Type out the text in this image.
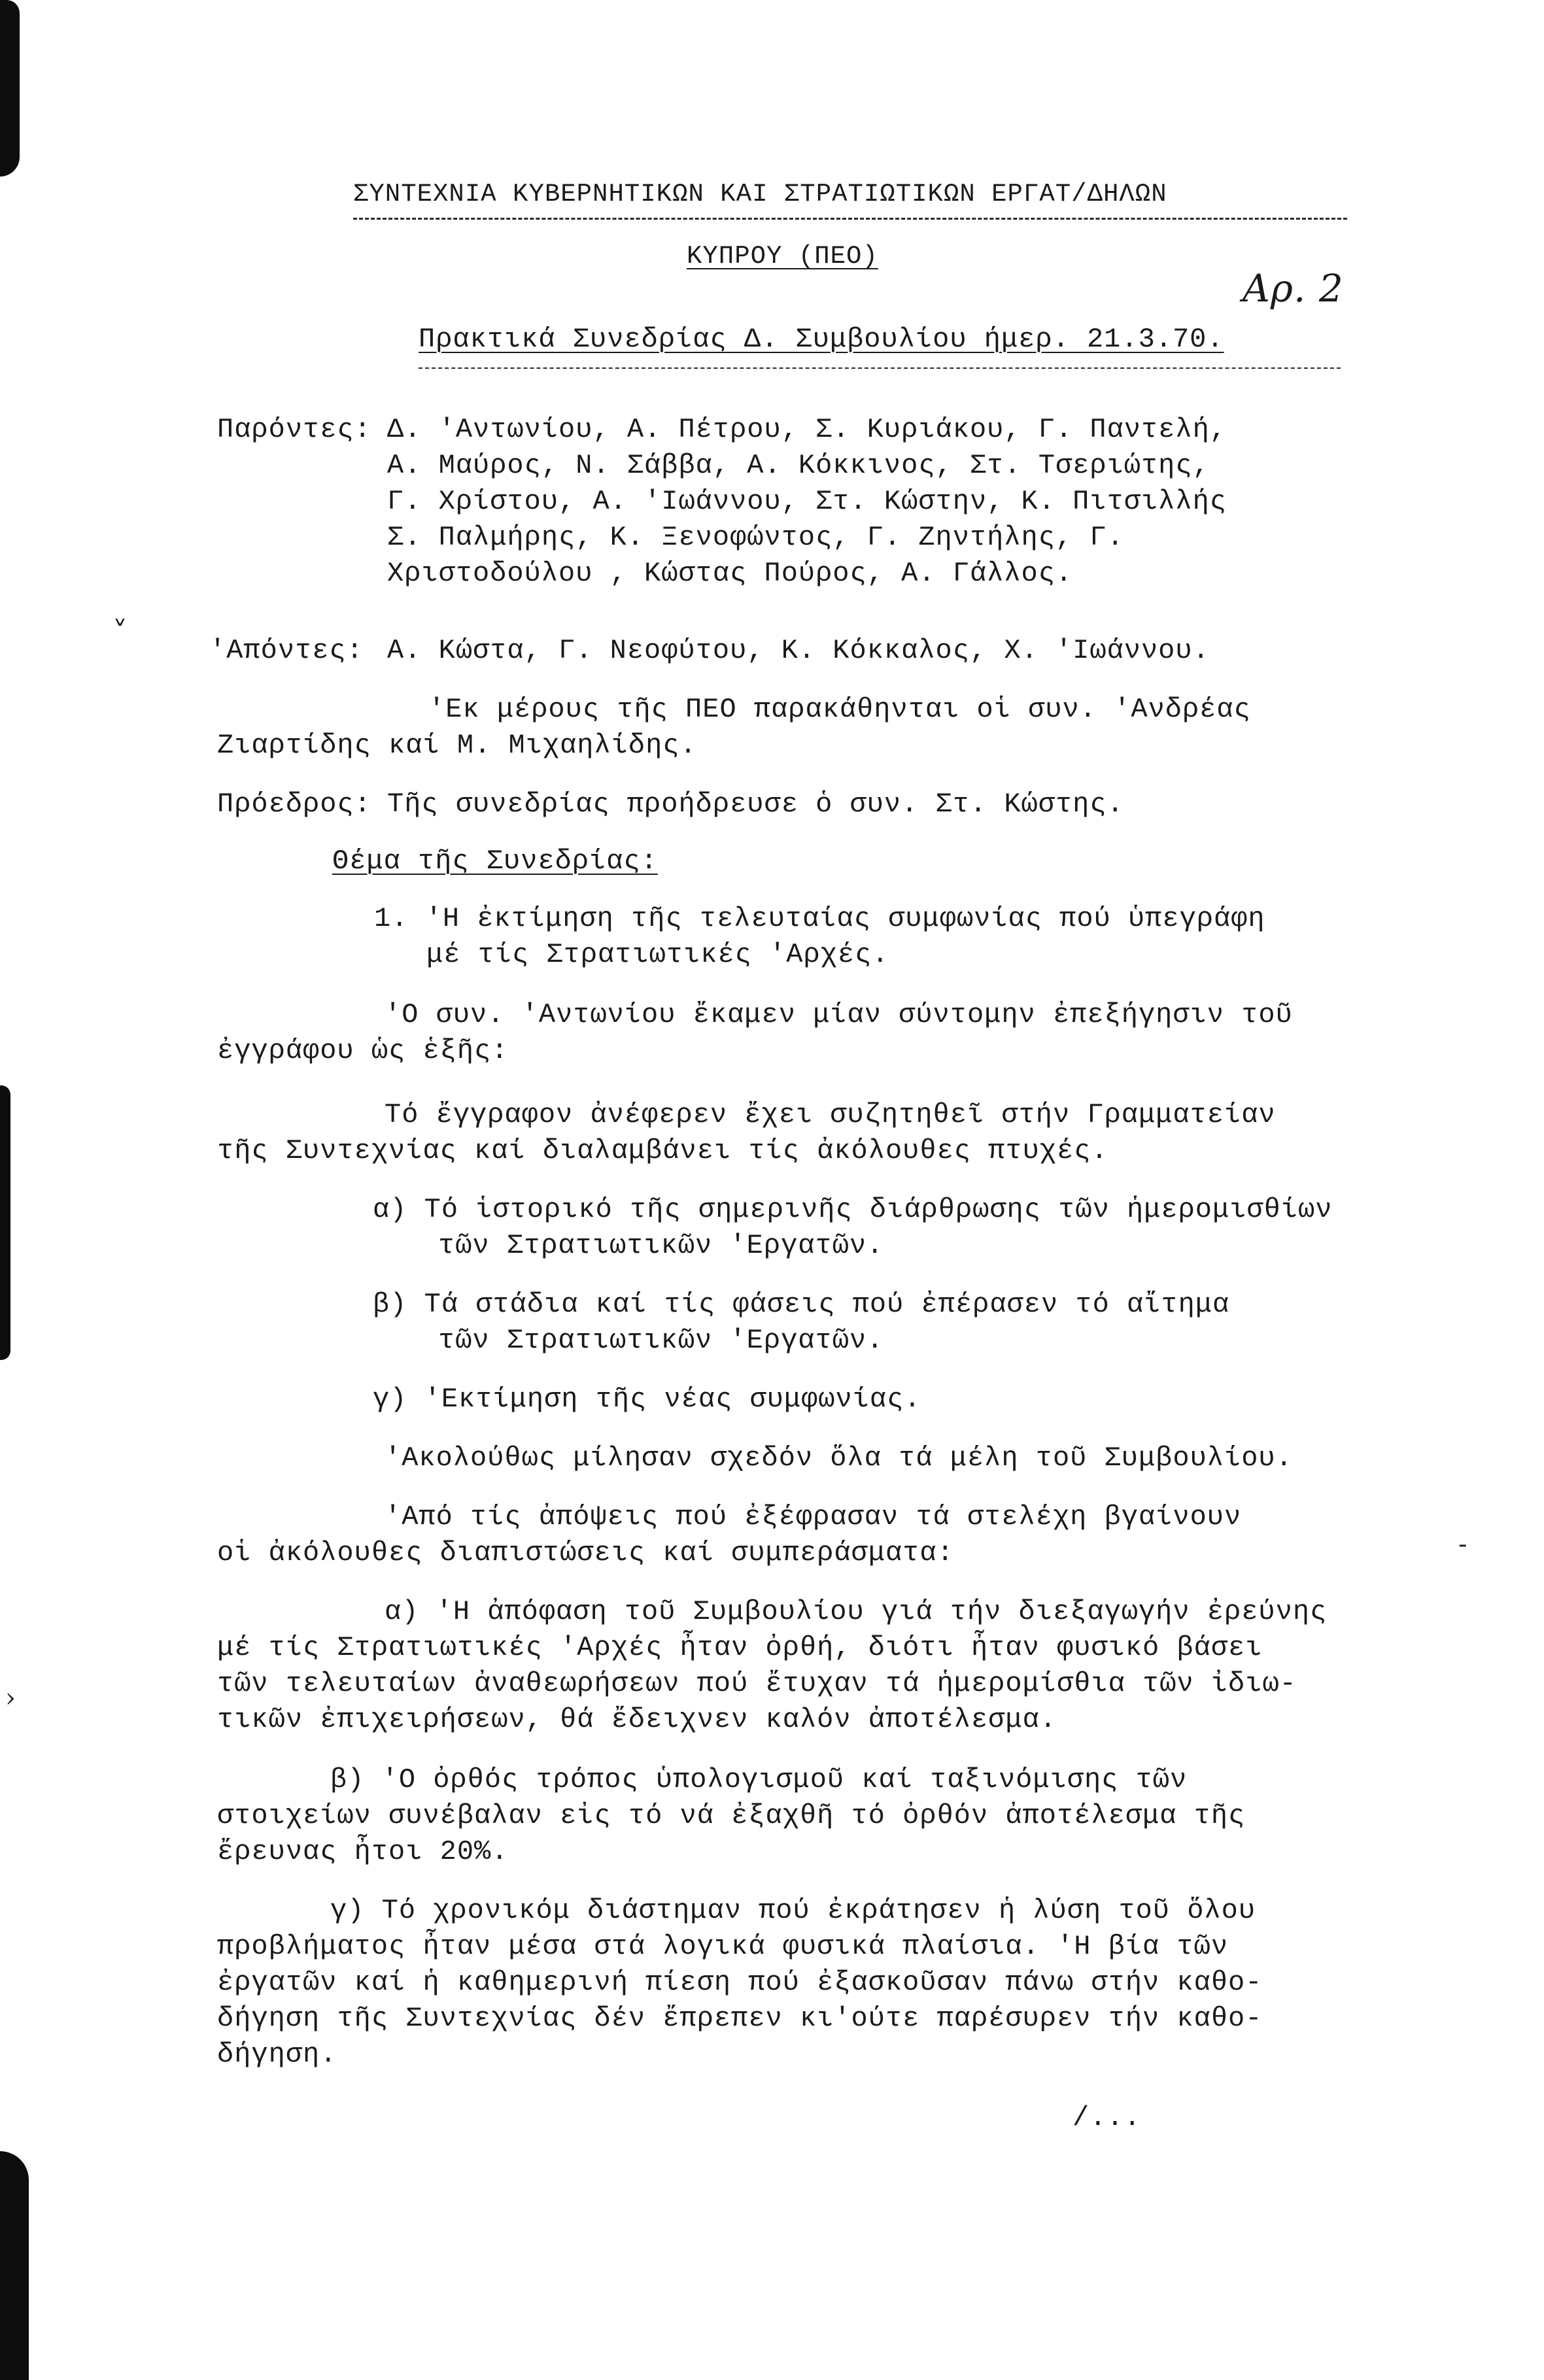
˅
›
-
ΣΥΝΤΕΧΝΙΑ ΚΥΒΕΡΝΗΤΙΚΩΝ ΚΑΙ ΣΤΡΑΤΙΩΤΙΚΩΝ ΕΡΓΑΤ/ΔΗΛΩΝ
ΚΥΠΡΟΥ (ΠΕΟ)
Αρ. 2
Πρακτικά Συνεδρίας Δ. Συμβουλίου ήμερ. 21.3.70.
Παρόντες: Δ. 'Αντωνίου, Α. Πέτρου, Σ. Κυριάκου, Γ. Παντελή,
Α. Μαύρος, Ν. Σάββα, Α. Κόκκινος, Στ. Τσεριώτης,
Γ. Χρίστου, Α. 'Ιωάννου, Στ. Κώστην, Κ. Πιτσιλλής
Σ. Παλμήρης, Κ. Ξενοφώντος, Γ. Ζηντήλης, Γ.
Χριστοδούλου , Κώστας Πούρος, Α. Γάλλος.
'Απόντες: Α. Κώστα, Γ. Νεοφύτου, Κ. Κόκκαλος, Χ. 'Ιωάννου.
'Εκ μέρους τῆς ΠΕΟ παρακάθηνται οἱ συν. 'Ανδρέας
Ζιαρτίδης καί Μ. Μιχαηλίδης.
Πρόεδρος: Τῆς συνεδρίας προήδρευσε ὁ συν. Στ. Κώστης.
Θέμα τῆς Συνεδρίας:
1. 'Η ἐκτίμηση τῆς τελευταίας συμφωνίας πού ὑπεγράφη
μέ τίς Στρατιωτικές 'Αρχές.
'Ο συν. 'Αντωνίου ἔκαμεν μίαν σύντομην ἐπεξήγησιν τοῦ
ἐγγράφου ὡς ἑξῆς:
Τό ἔγγραφον ἀνέφερεν ἔχει συζητηθεῖ στήν Γραμματείαν
τῆς Συντεχνίας καί διαλαμβάνει τίς ἀκόλουθες πτυχές.
α) Τό ἱστορικό τῆς σημερινῆς διάρθρωσης τῶν ἡμερομισθίων
τῶν Στρατιωτικῶν 'Εργατῶν.
β) Τά στάδια καί τίς φάσεις πού ἐπέρασεν τό αἴτημα
τῶν Στρατιωτικῶν 'Εργατῶν.
γ) 'Εκτίμηση τῆς νέας συμφωνίας.
'Ακολούθως μίλησαν σχεδόν ὅλα τά μέλη τοῦ Συμβουλίου.
'Από τίς ἀπόψεις πού ἐξέφρασαν τά στελέχη βγαίνουν
οἱ ἀκόλουθες διαπιστώσεις καί συμπεράσματα:
α) 'Η ἀπόφαση τοῦ Συμβουλίου γιά τήν διεξαγωγήν ἐρεύνης
μέ τίς Στρατιωτικές 'Αρχές ἦταν ὀρθή, διότι ἦταν φυσικό βάσει
τῶν τελευταίων ἀναθεωρήσεων πού ἔτυχαν τά ἡμερομίσθια τῶν ἰδιω-
τικῶν ἐπιχειρήσεων, θά ἔδειχνεν καλόν ἀποτέλεσμα.
β) 'Ο ὀρθός τρόπος ὑπολογισμοῦ καί ταξινόμισης τῶν
στοιχείων συνέβαλαν εἰς τό νά ἐξαχθῆ τό ὀρθόν ἀποτέλεσμα τῆς
ἔρευνας ἦτοι 20%.
γ) Τό χρονικόμ διάστημαν πού ἐκράτησεν ἡ λύση τοῦ ὅλου
προβλήματος ἦταν μέσα στά λογικά φυσικά πλαίσια. 'Η βία τῶν
ἐργατῶν καί ἡ καθημερινή πίεση πού ἐξασκοῦσαν πάνω στήν καθο-
δήγηση τῆς Συντεχνίας δέν ἔπρεπεν κι'ούτε παρέσυρεν τήν καθο-
δήγηση.
/...
